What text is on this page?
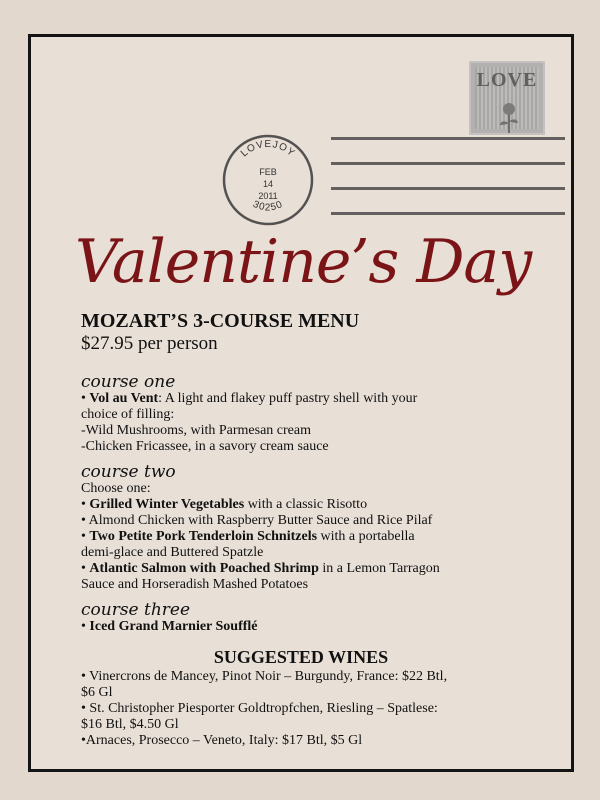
LOVE
LOVEJOY
FEB
14
2011
30250
Valentine’s Day
MOZART’S 3-COURSE MENU
$27.95 per person
course one
• Vol au Vent: A light and flakey puff pastry shell with your
choice of filling:
-Wild Mushrooms, with Parmesan cream
-Chicken Fricassee, in a savory cream sauce
course two
Choose one:
• Grilled Winter Vegetables with a classic Risotto
• Almond Chicken with Raspberry Butter Sauce and Rice Pilaf
• Two Petite Pork Tenderloin Schnitzels with a portabella
demi-glace and Buttered Spatzle
• Atlantic Salmon with Poached Shrimp in a Lemon Tarragon
Sauce and Horseradish Mashed Potatoes
course three
• Iced Grand Marnier Soufflé
SUGGESTED WINES
• Vinercrons de Mancey, Pinot Noir – Burgundy, France: $22 Btl,
$6 Gl
• St. Christopher Piesporter Goldtropfchen, Riesling – Spatlese:
$16 Btl, $4.50 Gl
•Arnaces, Prosecco – Veneto, Italy: $17 Btl, $5 Gl
